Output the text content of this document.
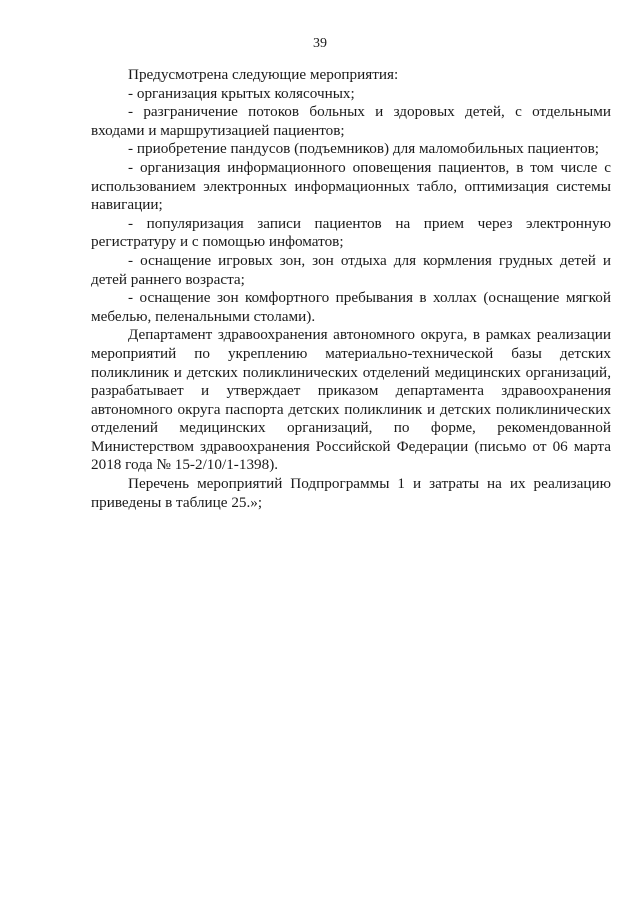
39

Предусмотрена следующие мероприятия:

- организация крытых колясочных;

- разграничение потоков больных и здоровых детей, с отдельными входами и маршрутизацией пациентов;

- приобретение пандусов (подъемников) для маломобильных пациентов;

- организация информационного оповещения пациентов, в том числе с использованием электронных информационных табло, оптимизация системы навигации;

- популяризация записи пациентов на прием через электронную регистратуру и с помощью инфоматов;

- оснащение игровых зон, зон отдыха для кормления грудных детей и детей раннего возраста;

- оснащение зон комфортного пребывания в холлах (оснащение мягкой мебелью, пеленальными столами).

Департамент здравоохранения автономного округа, в рамках реализации мероприятий по укреплению материально-технической базы детских поликлиник и детских поликлинических отделений медицинских организаций, разрабатывает и утверждает приказом департамента здравоохранения автономного округа паспорта детских поликлиник и детских поликлинических отделений медицинских организаций, по форме, рекомендованной Министерством здравоохранения Российской Федерации (письмо от 06 марта 2018 года № 15-2/10/1-1398).

Перечень мероприятий Подпрограммы 1 и затраты на их реализацию приведены в таблице 25.»;
